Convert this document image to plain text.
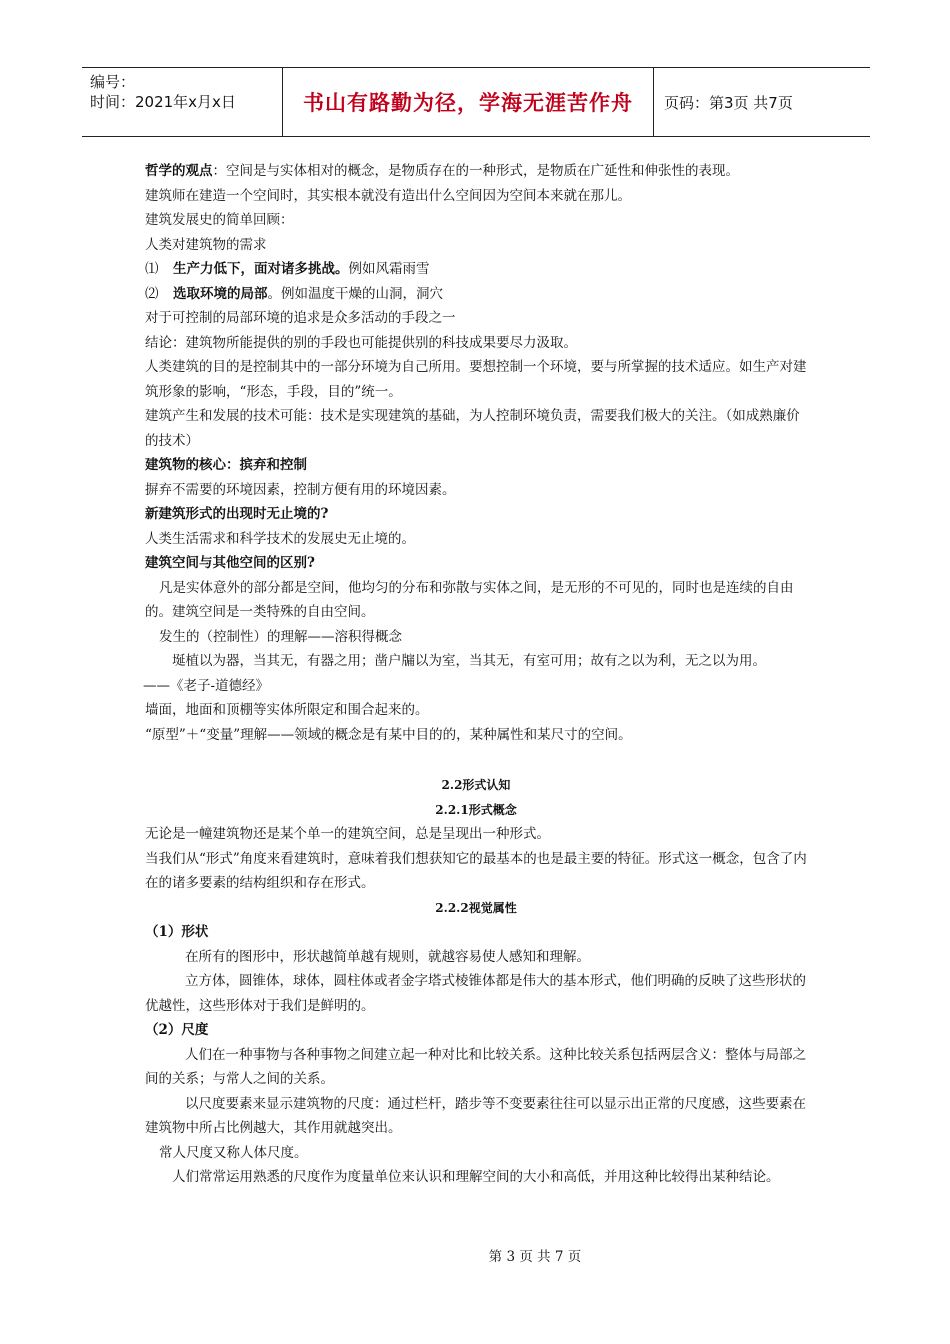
编号：
时间：2021年x月x日	书山有路勤为径，学海无涯苦作舟	页码：第3页 共7页

哲学的观点：空间是与实体相对的概念，是物质存在的一种形式，是物质在广延性和伸张性的表现。

建筑师在建造一个空间时，其实根本就没有造出什么空间因为空间本来就在那儿。

建筑发展史的简单回顾：

人类对建筑物的需求

⑴ 生产力低下，面对诸多挑战。例如风霜雨雪

⑵ 选取环境的局部。例如温度干燥的山洞，洞穴

对于可控制的局部环境的追求是众多活动的手段之一

结论：建筑物所能提供的别的手段也可能提供别的科技成果要尽力汲取。

人类建筑的目的是控制其中的一部分环境为自己所用。要想控制一个环境，要与所掌握的技术适应。如生产对建筑形象的影响，“形态，手段，目的”统一。

建筑产生和发展的技术可能：技术是实现建筑的基础，为人控制环境负责，需要我们极大的关注。（如成熟廉价的技术）

建筑物的核心：摈弃和控制

摒弃不需要的环境因素，控制方便有用的环境因素。

新建筑形式的出现时无止境的?

人类生活需求和科学技术的发展史无止境的。

建筑空间与其他空间的区别?

凡是实体意外的部分都是空间，他均匀的分布和弥散与实体之间，是无形的不可见的，同时也是连续的自由的。建筑空间是一类特殊的自由空间。

发生的（控制性）的理解——溶积得概念

埏植以为器，当其无，有器之用；凿户牖以为室，当其无，有室可用；故有之以为利，无之以为用。

——《老子-道德经》

墙面，地面和顶棚等实体所限定和围合起来的。

“原型”＋“变量”理解——领域的概念是有某中目的的，某种属性和某尺寸的空间。

2.2形式认知

2.2.1形式概念

无论是一幢建筑物还是某个单一的建筑空间，总是呈现出一种形式。

当我们从“形式”角度来看建筑时，意味着我们想获知它的最基本的也是最主要的特征。形式这一概念，包含了内在的诸多要素的结构组织和存在形式。

2.2.2视觉属性

（1）形状

在所有的图形中，形状越简单越有规则，就越容易使人感知和理解。

立方体，圆锥体，球体，圆柱体或者金字塔式棱锥体都是伟大的基本形式，他们明确的反映了这些形状的优越性，这些形体对于我们是鲜明的。

（2）尺度

人们在一种事物与各种事物之间建立起一种对比和比较关系。这种比较关系包括两层含义：整体与局部之间的关系；与常人之间的关系。

以尺度要素来显示建筑物的尺度：通过栏杆，踏步等不变要素往往可以显示出正常的尺度感，这些要素在建筑物中所占比例越大，其作用就越突出。

常人尺度又称人体尺度。

人们常常运用熟悉的尺度作为度量单位来认识和理解空间的大小和高低，并用这种比较得出某种结论。

第 3 页 共 7 页
